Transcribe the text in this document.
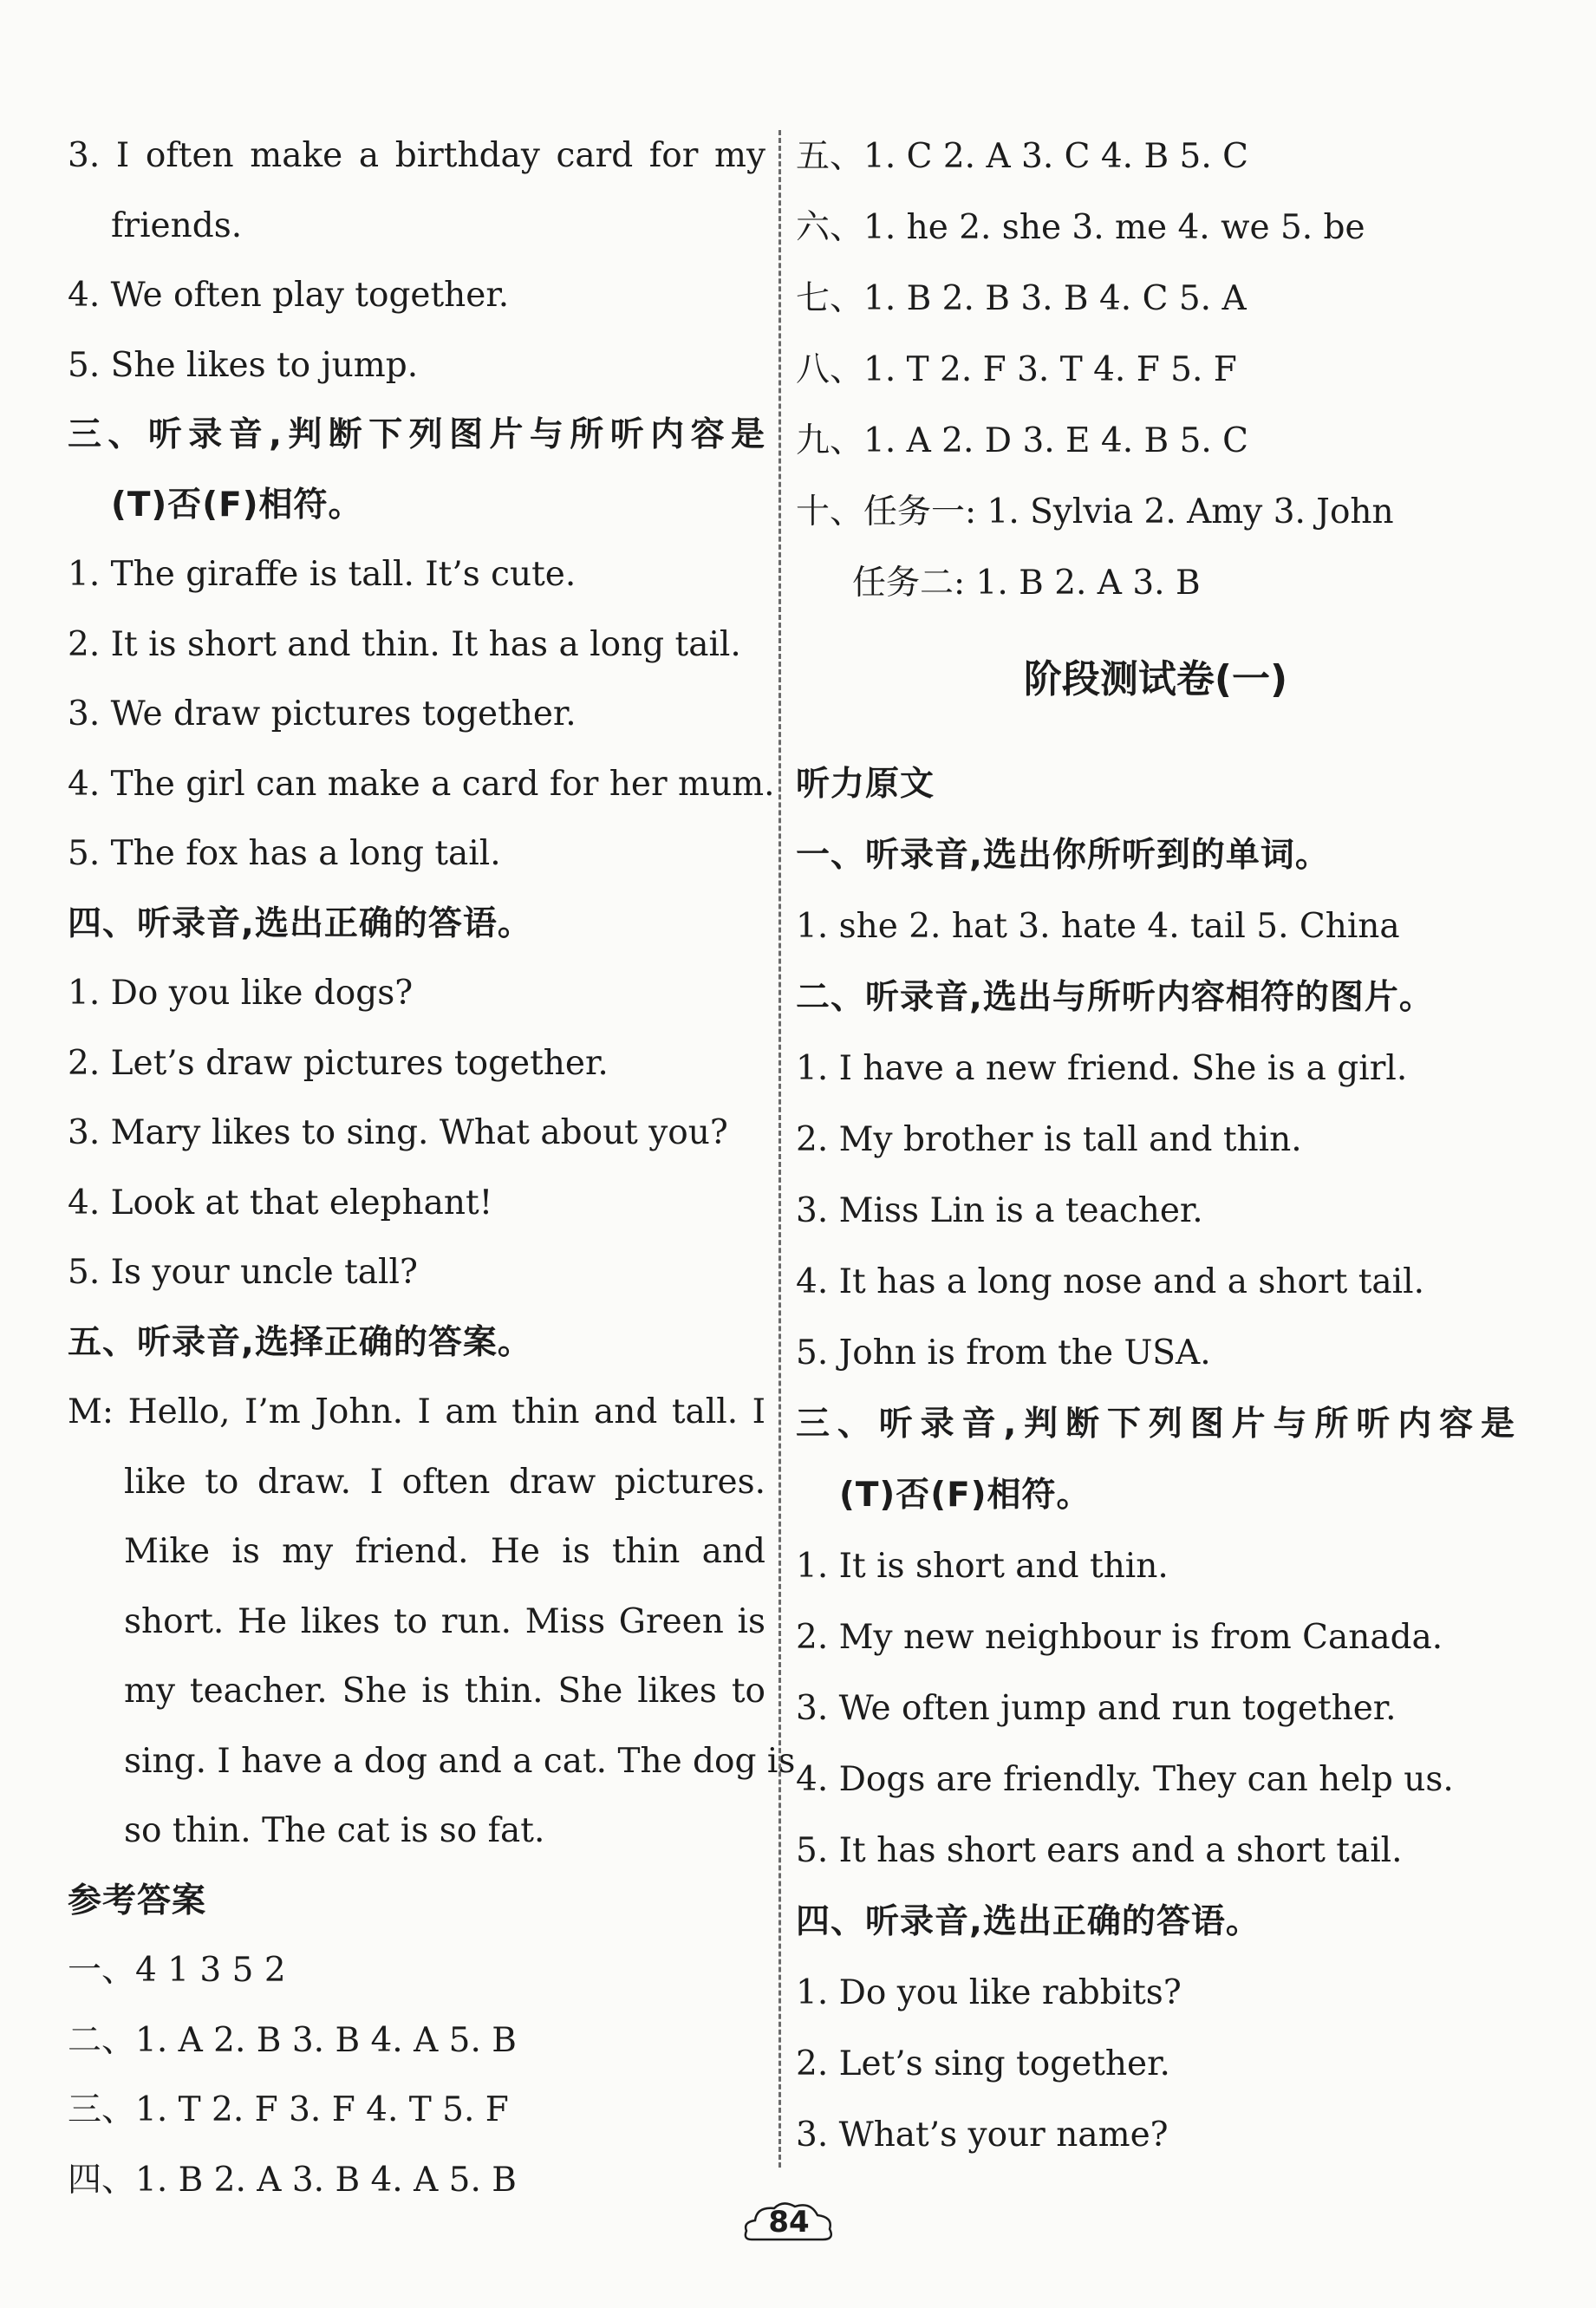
3. I often make a birthday card for my
friends.
4. We often play together.
5. She likes to jump.
三、听录音,判断下列图片与所听内容是
(T)否(F)相符。
1. The giraffe is tall. It’s cute.
2. It is short and thin. It has a long tail.
3. We draw pictures together.
4. The girl can make a card for her mum.
5. The fox has a long tail.
四、听录音,选出正确的答语。
1. Do you like dogs?
2. Let’s draw pictures together.
3. Mary likes to sing. What about you?
4. Look at that elephant!
5. Is your uncle tall?
五、听录音,选择正确的答案。
M: Hello, I’m John. I am thin and tall. I
like to draw. I often draw pictures.
Mike is my friend. He is thin and
short. He likes to run. Miss Green is
my teacher. She is thin. She likes to
sing. I have a dog and a cat. The dog is
so thin. The cat is so fat.
参考答案
一、4 1 3 5 2
二、1. A 2. B 3. B 4. A 5. B
三、1. T 2. F 3. F 4. T 5. F
四、1. B 2. A 3. B 4. A 5. B
五、1. C 2. A 3. C 4. B 5. C
六、1. he 2. she 3. me 4. we 5. be
七、1. B 2. B 3. B 4. C 5. A
八、1. T 2. F 3. T 4. F 5. F
九、1. A 2. D 3. E 4. B 5. C
十、任务一: 1. Sylvia 2. Amy 3. John
任务二: 1. B 2. A 3. B
阶段测试卷(一)
听力原文
一、听录音,选出你所听到的单词。
1. she 2. hat 3. hate 4. tail 5. China
二、听录音,选出与所听内容相符的图片。
1. I have a new friend. She is a girl.
2. My brother is tall and thin.
3. Miss Lin is a teacher.
4. It has a long nose and a short tail.
5. John is from the USA.
三、听录音,判断下列图片与所听内容是
(T)否(F)相符。
1. It is short and thin.
2. My new neighbour is from Canada.
3. We often jump and run together.
4. Dogs are friendly. They can help us.
5. It has short ears and a short tail.
四、听录音,选出正确的答语。
1. Do you like rabbits?
2. Let’s sing together.
3. What’s your name?
84
